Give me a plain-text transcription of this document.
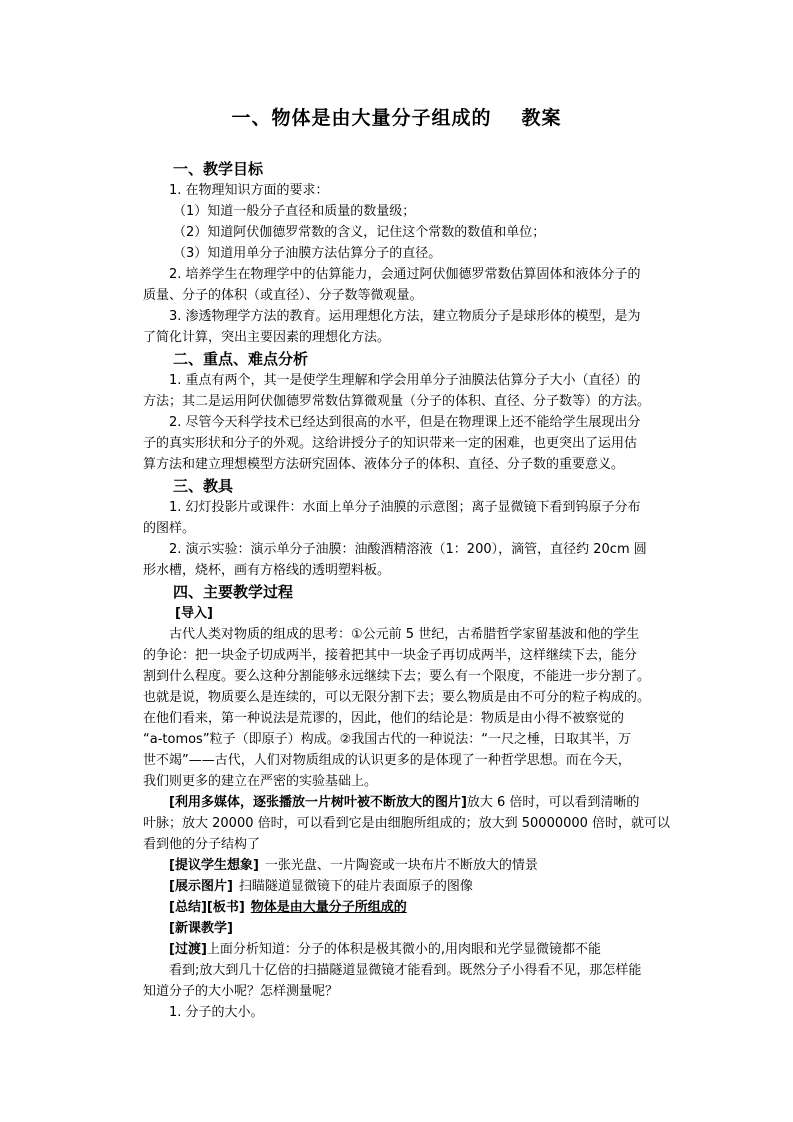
一、物体是由大量分子组成的 教案
一、教学目标
1. 在物理知识方面的要求：
（1）知道一般分子直径和质量的数量级；
（2）知道阿伏伽德罗常数的含义，记住这个常数的数值和单位；
（3）知道用单分子油膜方法估算分子的直径。
2. 培养学生在物理学中的估算能力，会通过阿伏伽德罗常数估算固体和液体分子的
质量、分子的体积（或直径）、分子数等微观量。
3. 渗透物理学方法的教育。运用理想化方法，建立物质分子是球形体的模型，是为
了简化计算，突出主要因素的理想化方法。
二、重点、难点分析
1. 重点有两个，其一是使学生理解和学会用单分子油膜法估算分子大小（直径）的
方法；其二是运用阿伏伽德罗常数估算微观量（分子的体积、直径、分子数等）的方法。
2. 尽管今天科学技术已经达到很高的水平，但是在物理课上还不能给学生展现出分
子的真实形状和分子的外观。这给讲授分子的知识带来一定的困难，也更突出了运用估
算方法和建立理想模型方法研究固体、液体分子的体积、直径、分子数的重要意义。
三、教具
1. 幻灯投影片或课件：水面上单分子油膜的示意图；离子显微镜下看到钨原子分布
的图样。
2. 演示实验：演示单分子油膜：油酸酒精溶液（1：200），滴管，直径约 20cm 圆
形水槽，烧杯，画有方格线的透明塑料板。
四、主要教学过程
[导入]
古代人类对物质的组成的思考：①公元前 5 世纪，古希腊哲学家留基波和他的学生
的争论：把一块金子切成两半，接着把其中一块金子再切成两半，这样继续下去，能分
割到什么程度。要么这种分割能够永远继续下去；要么有一个限度，不能进一步分割了。
也就是说，物质要么是连续的，可以无限分割下去；要么物质是由不可分的粒子构成的。
在他们看来，第一种说法是荒谬的，因此，他们的结论是：物质是由小得不被察觉的
“a-tomos”粒子（即原子）构成。②我国古代的一种说法：“一尺之棰，日取其半，万
世不竭”——古代，人们对物质组成的认识更多的是体现了一种哲学思想。而在今天，
我们则更多的建立在严密的实验基础上。
[利用多媒体，逐张播放一片树叶被不断放大的图片]放大 6 倍时，可以看到清晰的
叶脉；放大 20000 倍时，可以看到它是由细胞所组成的；放大到 50000000 倍时，就可以
看到他的分子结构了
[提议学生想象] 一张光盘、一片陶瓷或一块布片不断放大的情景
[展示图片] 扫瞄隧道显微镜下的硅片表面原子的图像
[总结][板书] 物体是由大量分子所组成的
[新课教学]
[过渡]上面分析知道：分子的体积是极其微小的,用肉眼和光学显微镜都不能
看到;放大到几十亿倍的扫描隧道显微镜才能看到。既然分子小得看不见，那怎样能
知道分子的大小呢？怎样测量呢？
1. 分子的大小。
